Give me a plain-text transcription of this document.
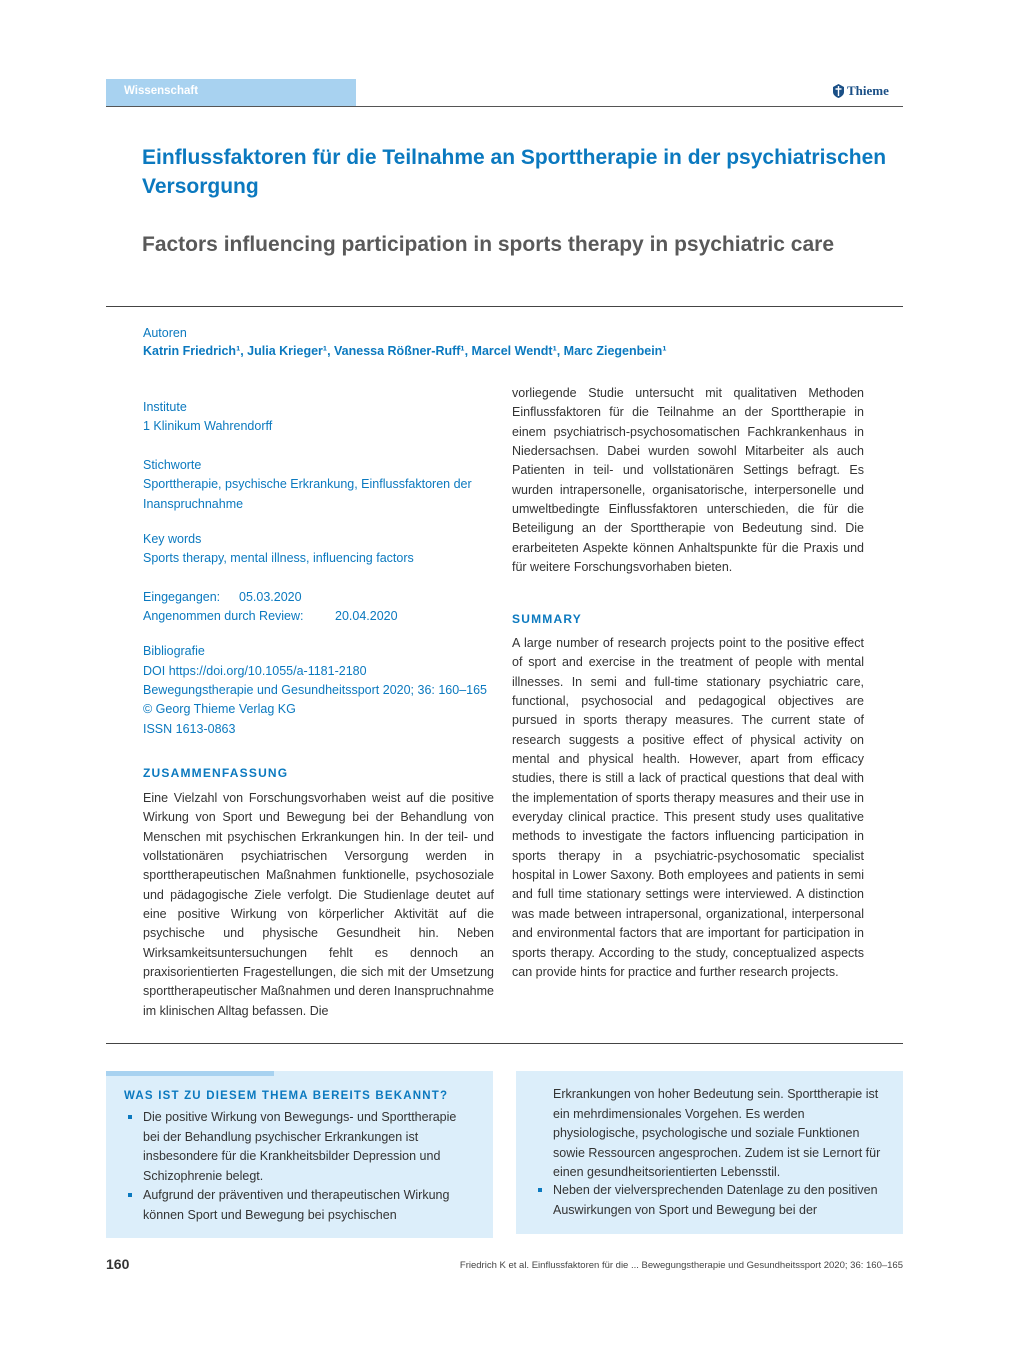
Wissenschaft	Thieme
Einflussfaktoren für die Teilnahme an Sporttherapie in der psychiatrischen Versorgung
Factors influencing participation in sports therapy in psychiatric care
Autoren
Katrin Friedrich¹, Julia Krieger¹, Vanessa Rößner-Ruff¹, Marcel Wendt¹, Marc Ziegenbein¹
Institute
1 Klinikum Wahrendorff
Stichworte
Sporttherapie, psychische Erkrankung, Einflussfaktoren der
Inanspruchnahme
Key words
Sports therapy, mental illness, influencing factors
Eingegangen: 05.03.2020
Angenommen durch Review:	20.04.2020
Bibliografie
DOI https://doi.org/10.1055/a-1181-2180
Bewegungstherapie und Gesundheitssport 2020; 36: 160–165
© Georg Thieme Verlag KG
ISSN 1613-0863
ZUSAMMENFASSUNG

Eine Vielzahl von Forschungsvorhaben weist auf die positive Wirkung von Sport und Bewegung bei der Behandlung von Menschen mit psychischen Erkrankungen hin. In der teil- und vollstationären psychiatrischen Versorgung werden in sporttherapeutischen Maßnahmen funktionelle, psychosoziale und pädagogische Ziele verfolgt. Die Studienlage deutet auf eine positive Wirkung von körperlicher Aktivität auf die psychische und physische Gesundheit hin. Neben Wirksamkeitsuntersuchungen fehlt es dennoch an praxisorientierten Fragestellungen, die sich mit der Umsetzung sporttherapeutischer Maßnahmen und deren Inanspruchnahme im klinischen Alltag befassen. Die

vorliegende Studie untersucht mit qualitativen Methoden Einflussfaktoren für die Teilnahme an der Sporttherapie in einem psychiatrisch-psychosomatischen Fachkrankenhaus in Niedersachsen. Dabei wurden sowohl Mitarbeiter als auch Patienten in teil- und vollstationären Settings befragt. Es wurden intrapersonelle, organisatorische, interpersonelle und umweltbedingte Einflussfaktoren unterschieden, die für die Beteiligung an der Sporttherapie von Bedeutung sind. Die erarbeiteten Aspekte können Anhaltspunkte für die Praxis und für weitere Forschungsvorhaben bieten.

SUMMARY

A large number of research projects point to the positive effect of sport and exercise in the treatment of people with mental illnesses. In semi and full-time stationary psychiatric care, functional, psychosocial and pedagogical objectives are pursued in sports therapy measures. The current state of research suggests a positive effect of physical activity on mental and physical health. However, apart from efficacy studies, there is still a lack of practical questions that deal with the implementation of sports therapy measures and their use in everyday clinical practice. This present study uses qualitative methods to investigate the factors influencing participation in sports therapy in a psychiatric-psychosomatic specialist hospital in Lower Saxony. Both employees and patients in semi and full time stationary settings were interviewed. A distinction was made between intrapersonal, organizational, interpersonal and environmental factors that are important for participation in sports therapy. According to the study, conceptualized aspects can provide hints for practice and further research projects.

WAS IST ZU DIESEM THEMA BEREITS BEKANNT?
Die positive Wirkung von Bewegungs- und Sporttherapie bei der Behandlung psychischer Erkrankungen ist insbesondere für die Krankheitsbilder Depression und Schizophrenie belegt.
Aufgrund der präventiven und therapeutischen Wirkung können Sport und Bewegung bei psychischen
Erkrankungen von hoher Bedeutung sein. Sporttherapie ist ein mehrdimensionales Vorgehen. Es werden physiologische, psychologische und soziale Funktionen sowie Ressourcen angesprochen. Zudem ist sie Lernort für einen gesundheitsorientierten Lebensstil.
Neben der vielversprechenden Datenlage zu den positiven Auswirkungen von Sport und Bewegung bei der
160	Friedrich K et al. Einflussfaktoren für die ... Bewegungstherapie und Gesundheitssport 2020; 36: 160–165
